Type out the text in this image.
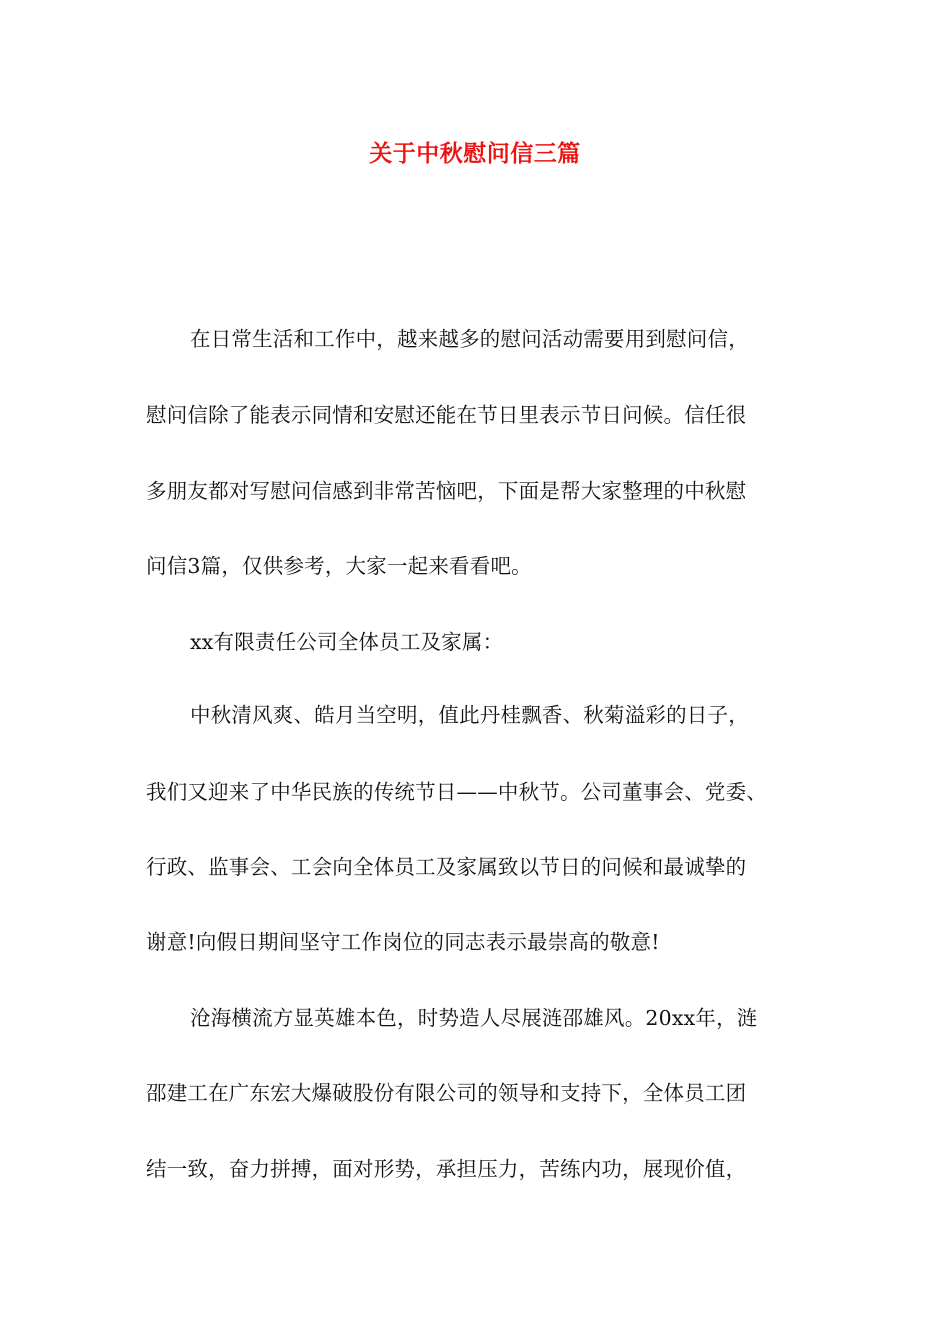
关于中秋慰问信三篇
在日常生活和工作中，越来越多的慰问活动需要用到慰问信，
慰问信除了能表示同情和安慰还能在节日里表示节日问候。信任很
多朋友都对写慰问信感到非常苦恼吧，下面是帮大家整理的中秋慰
问信3篇，仅供参考，大家一起来看看吧。
xx有限责任公司全体员工及家属：
中秋清风爽、皓月当空明，值此丹桂飘香、秋菊溢彩的日子，
我们又迎来了中华民族的传统节日——中秋节。公司董事会、党委、
行政、监事会、工会向全体员工及家属致以节日的问候和最诚挚的
谢意!向假日期间坚守工作岗位的同志表示最崇高的敬意!
沧海横流方显英雄本色，时势造人尽展涟邵雄风。20xx年，涟
邵建工在广东宏大爆破股份有限公司的领导和支持下，全体员工团
结一致，奋力拼搏，面对形势，承担压力，苦练内功，展现价值，
